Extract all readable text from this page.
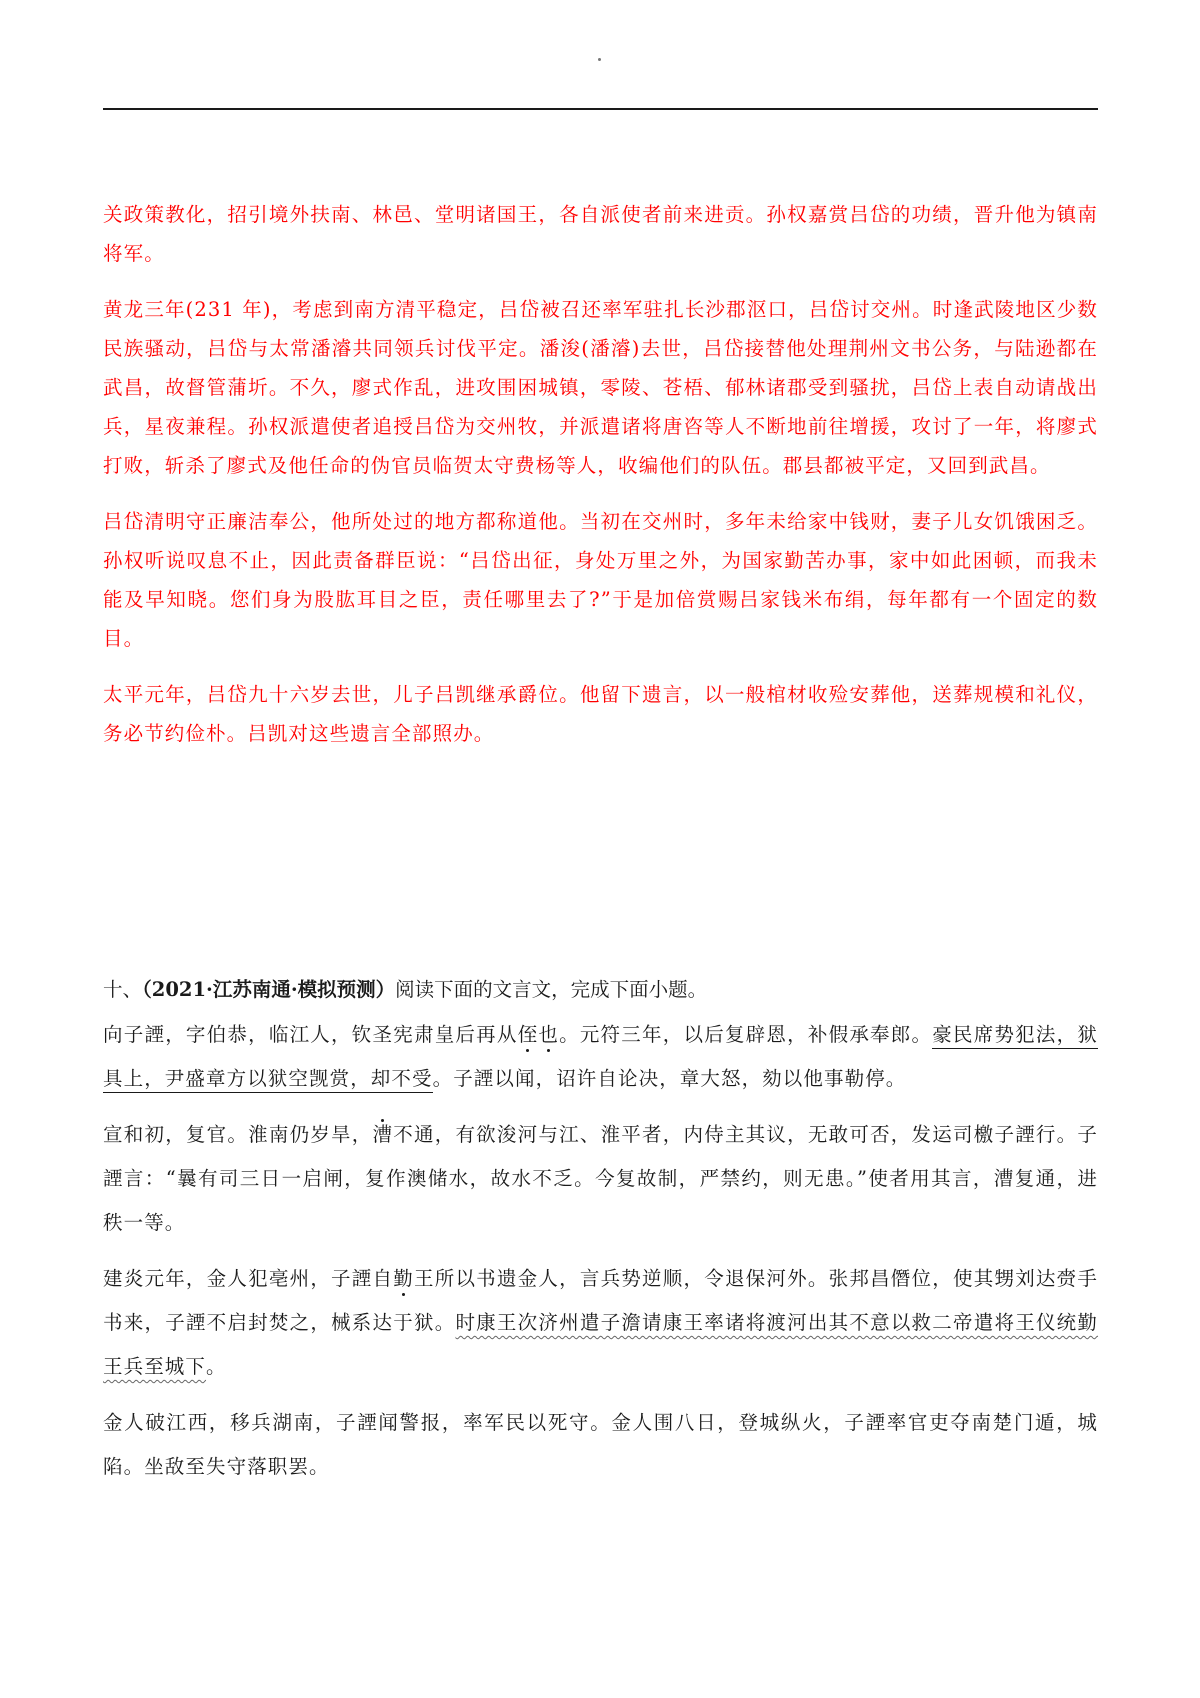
关政策教化，招引境外扶南、林邑、堂明诸国王，各自派使者前来进贡。孙权嘉赏吕岱的功绩，晋升他为镇南将军。

黄龙三年(231 年)，考虑到南方清平稳定，吕岱被召还率军驻扎长沙郡沤口，吕岱讨交州。时逢武陵地区少数民族骚动，吕岱与太常潘濬共同领兵讨伐平定。潘浚(潘濬)去世，吕岱接替他处理荆州文书公务，与陆逊都在武昌，故督管蒲圻。不久，廖式作乱，进攻围困城镇，零陵、苍梧、郁林诸郡受到骚扰，吕岱上表自动请战出兵，星夜兼程。孙权派遣使者追授吕岱为交州牧，并派遣诸将唐咨等人不断地前往增援，攻讨了一年，将廖式打败，斩杀了廖式及他任命的伪官员临贺太守费杨等人，收编他们的队伍。郡县都被平定，又回到武昌。

吕岱清明守正廉洁奉公，他所处过的地方都称道他。当初在交州时，多年未给家中钱财，妻子儿女饥饿困乏。孙权听说叹息不止，因此责备群臣说：“吕岱出征，身处万里之外，为国家勤苦办事，家中如此困顿，而我未能及早知晓。您们身为股肱耳目之臣，责任哪里去了?”于是加倍赏赐吕家钱米布绢，每年都有一个固定的数目。

太平元年，吕岱九十六岁去世，儿子吕凯继承爵位。他留下遗言，以一般棺材收殓安葬他，送葬规模和礼仪，务必节约俭朴。吕凯对这些遗言全部照办。

十、（2021·江苏南通·模拟预测）阅读下面的文言文，完成下面小题。

向子諲，字伯恭，临江人，钦圣宪肃皇后再从侄也。元符三年，以后复辟恩，补假承奉郎。豪民席势犯法，狱具上，尹盛章方以狱空觊赏，却不受。子諲以闻，诏许自论决，章大怒，劾以他事勒停。

宣和初，复官。淮南仍岁旱，漕不通，有欲浚河与江、淮平者，内侍主其议，无敢可否，发运司檄子諲行。子諲言：“曩有司三日一启闸，复作澳储水，故水不乏。今复故制，严禁约，则无患。”使者用其言，漕复通，进秩一等。

建炎元年，金人犯亳州，子諲自勤王所以书遗金人，言兵势逆顺，令退保河外。张邦昌僭位，使其甥刘达赍手书来，子諲不启封焚之，械系达于狱。时康王次济州遣子澹请康王率诸将渡河出其不意以救二帝遣将王仪统勤王兵至城下。

金人破江西，移兵湖南，子諲闻警报，率军民以死守。金人围八日，登城纵火，子諲率官吏夺南楚门遁，城陷。坐敌至失守落职罢。
